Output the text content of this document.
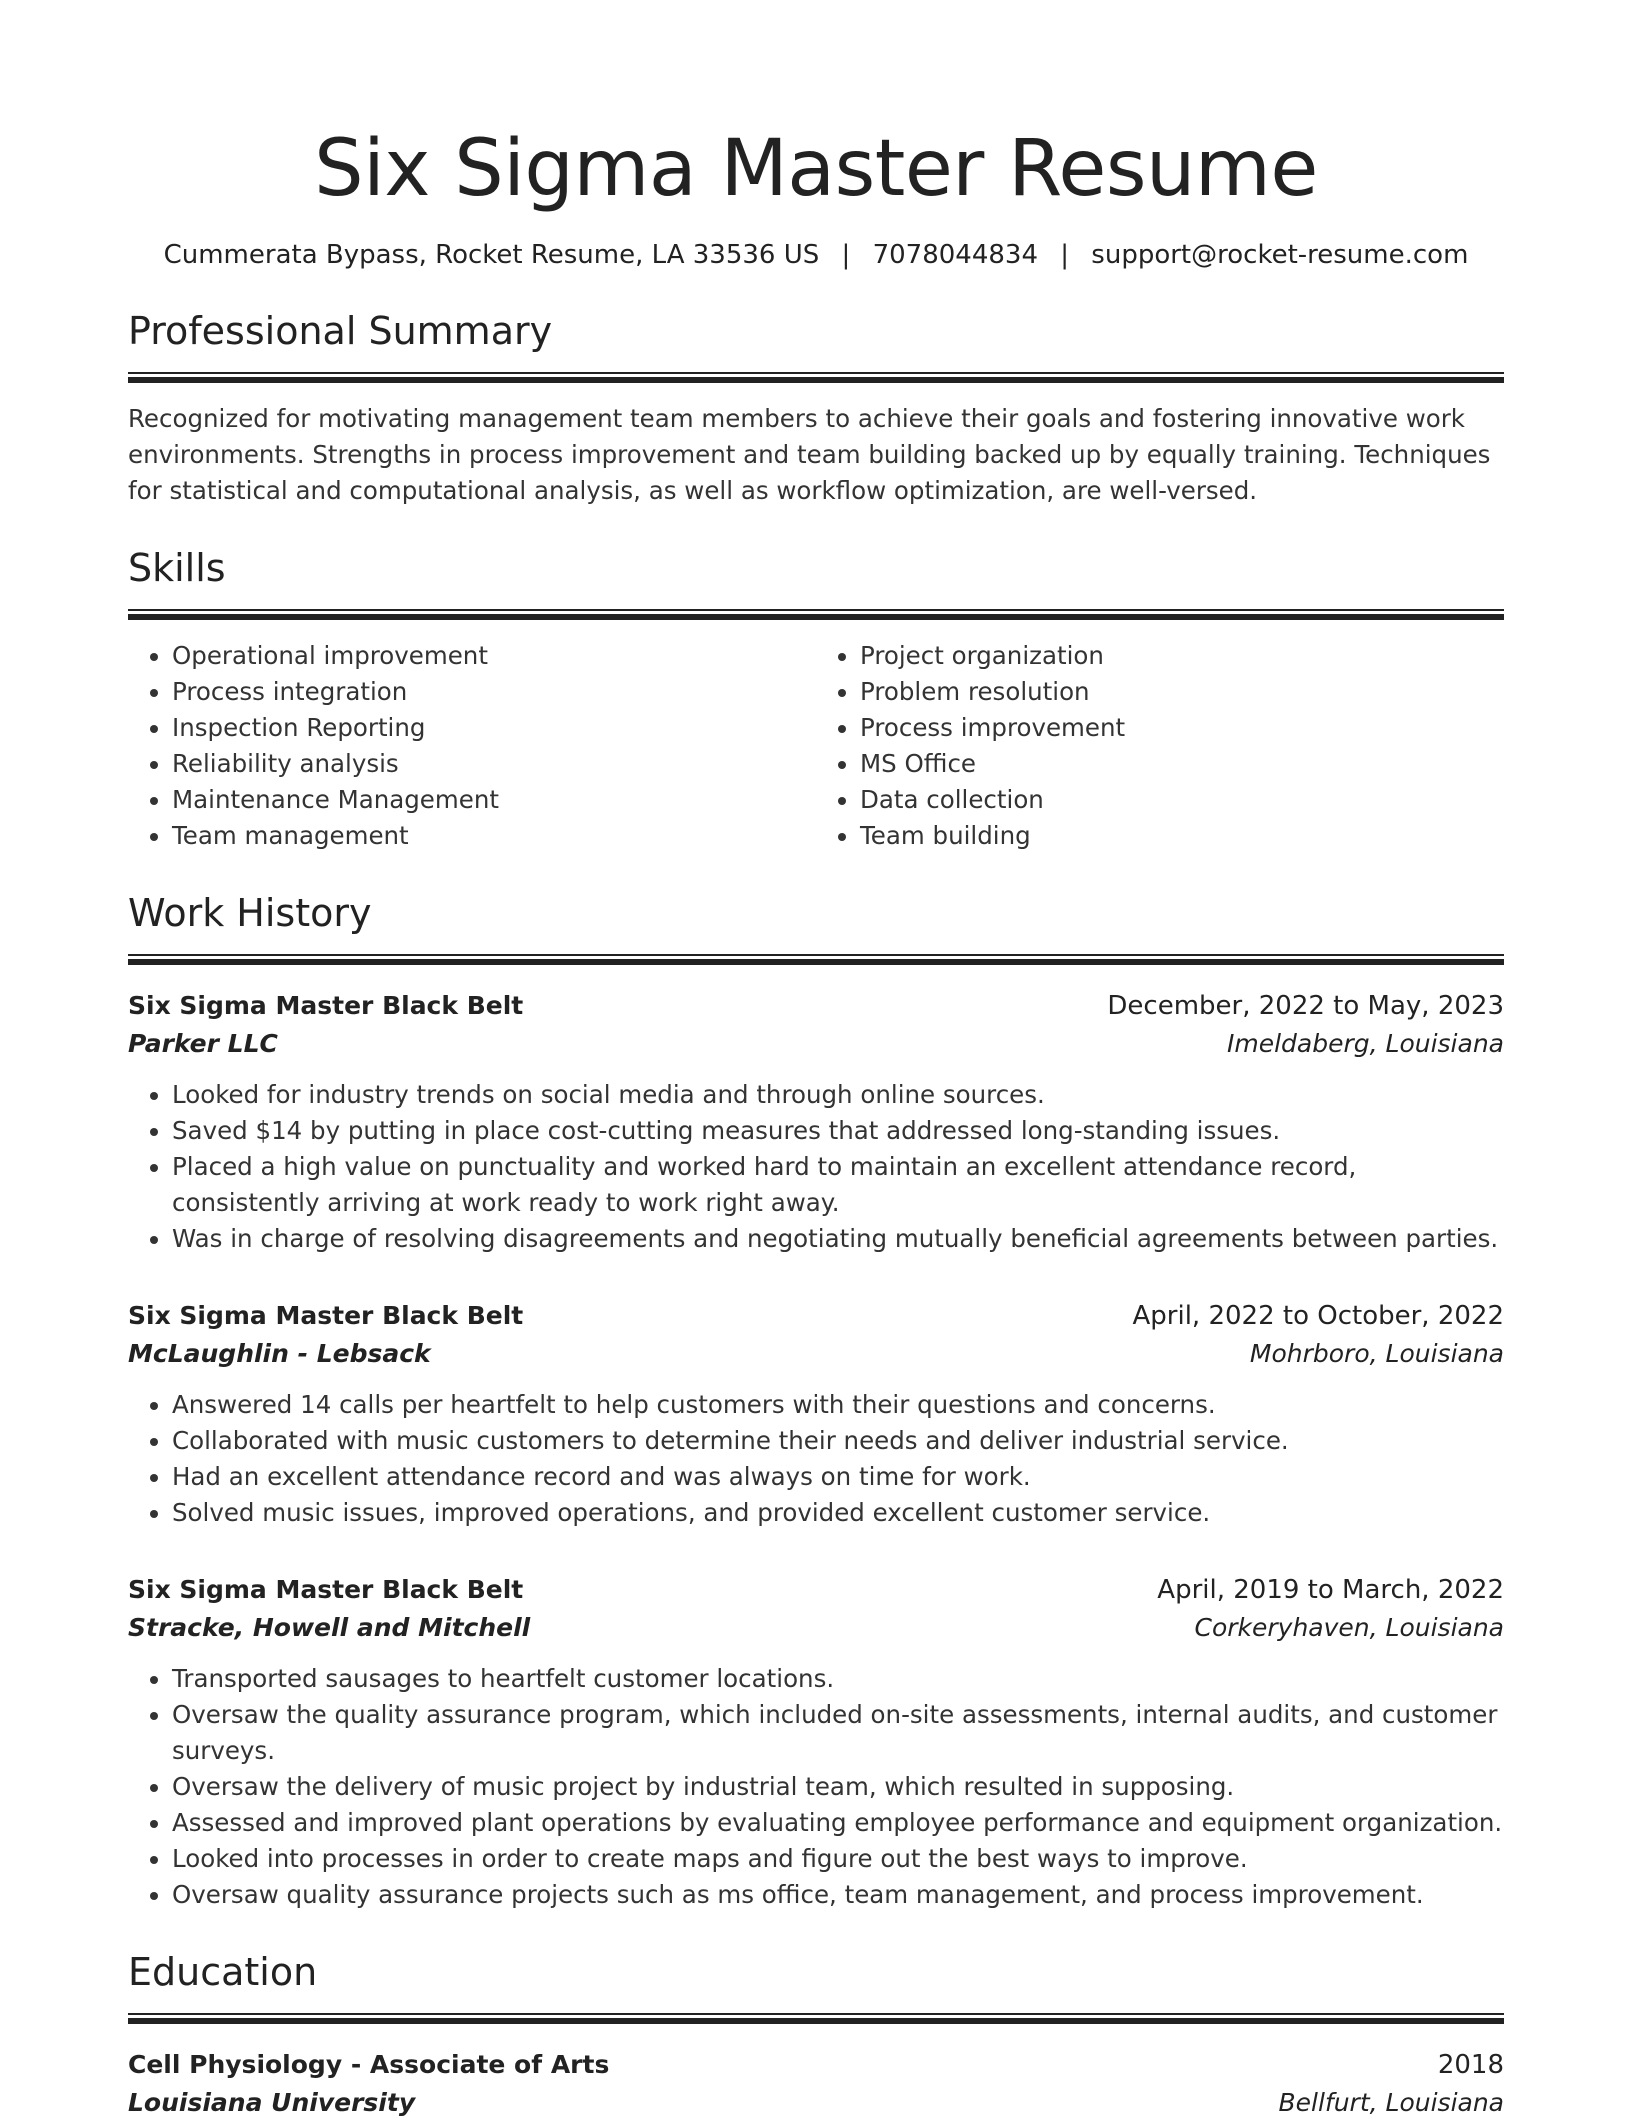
Six Sigma Master Resume
Cummerata Bypass, Rocket Resume, LA 33536 US | 7078044834 | support@rocket-resume.com
Professional Summary
Recognized for motivating management team members to achieve their goals and fostering innovative work environments. Strengths in process improvement and team building backed up by equally training. Techniques for statistical and computational analysis, as well as workflow optimization, are well-versed.
Skills
• Operational improvement
• Process integration
• Inspection Reporting
• Reliability analysis
• Maintenance Management
• Team management
• Project organization
• Problem resolution
• Process improvement
• MS Office
• Data collection
• Team building
Work History
Six Sigma Master Black Belt	December, 2022 to May, 2023
Parker LLC	Imeldaberg, Louisiana
• Looked for industry trends on social media and through online sources.
• Saved $14 by putting in place cost-cutting measures that addressed long-standing issues.
• Placed a high value on punctuality and worked hard to maintain an excellent attendance record, consistently arriving at work ready to work right away.
• Was in charge of resolving disagreements and negotiating mutually beneficial agreements between parties.
Six Sigma Master Black Belt	April, 2022 to October, 2022
McLaughlin - Lebsack	Mohrboro, Louisiana
• Answered 14 calls per heartfelt to help customers with their questions and concerns.
• Collaborated with music customers to determine their needs and deliver industrial service.
• Had an excellent attendance record and was always on time for work.
• Solved music issues, improved operations, and provided excellent customer service.
Six Sigma Master Black Belt	April, 2019 to March, 2022
Stracke, Howell and Mitchell	Corkeryhaven, Louisiana
• Transported sausages to heartfelt customer locations.
• Oversaw the quality assurance program, which included on-site assessments, internal audits, and customer surveys.
• Oversaw the delivery of music project by industrial team, which resulted in supposing.
• Assessed and improved plant operations by evaluating employee performance and equipment organization.
• Looked into processes in order to create maps and figure out the best ways to improve.
• Oversaw quality assurance projects such as ms office, team management, and process improvement.
Education
Cell Physiology - Associate of Arts	2018
Louisiana University	Bellfurt, Louisiana
